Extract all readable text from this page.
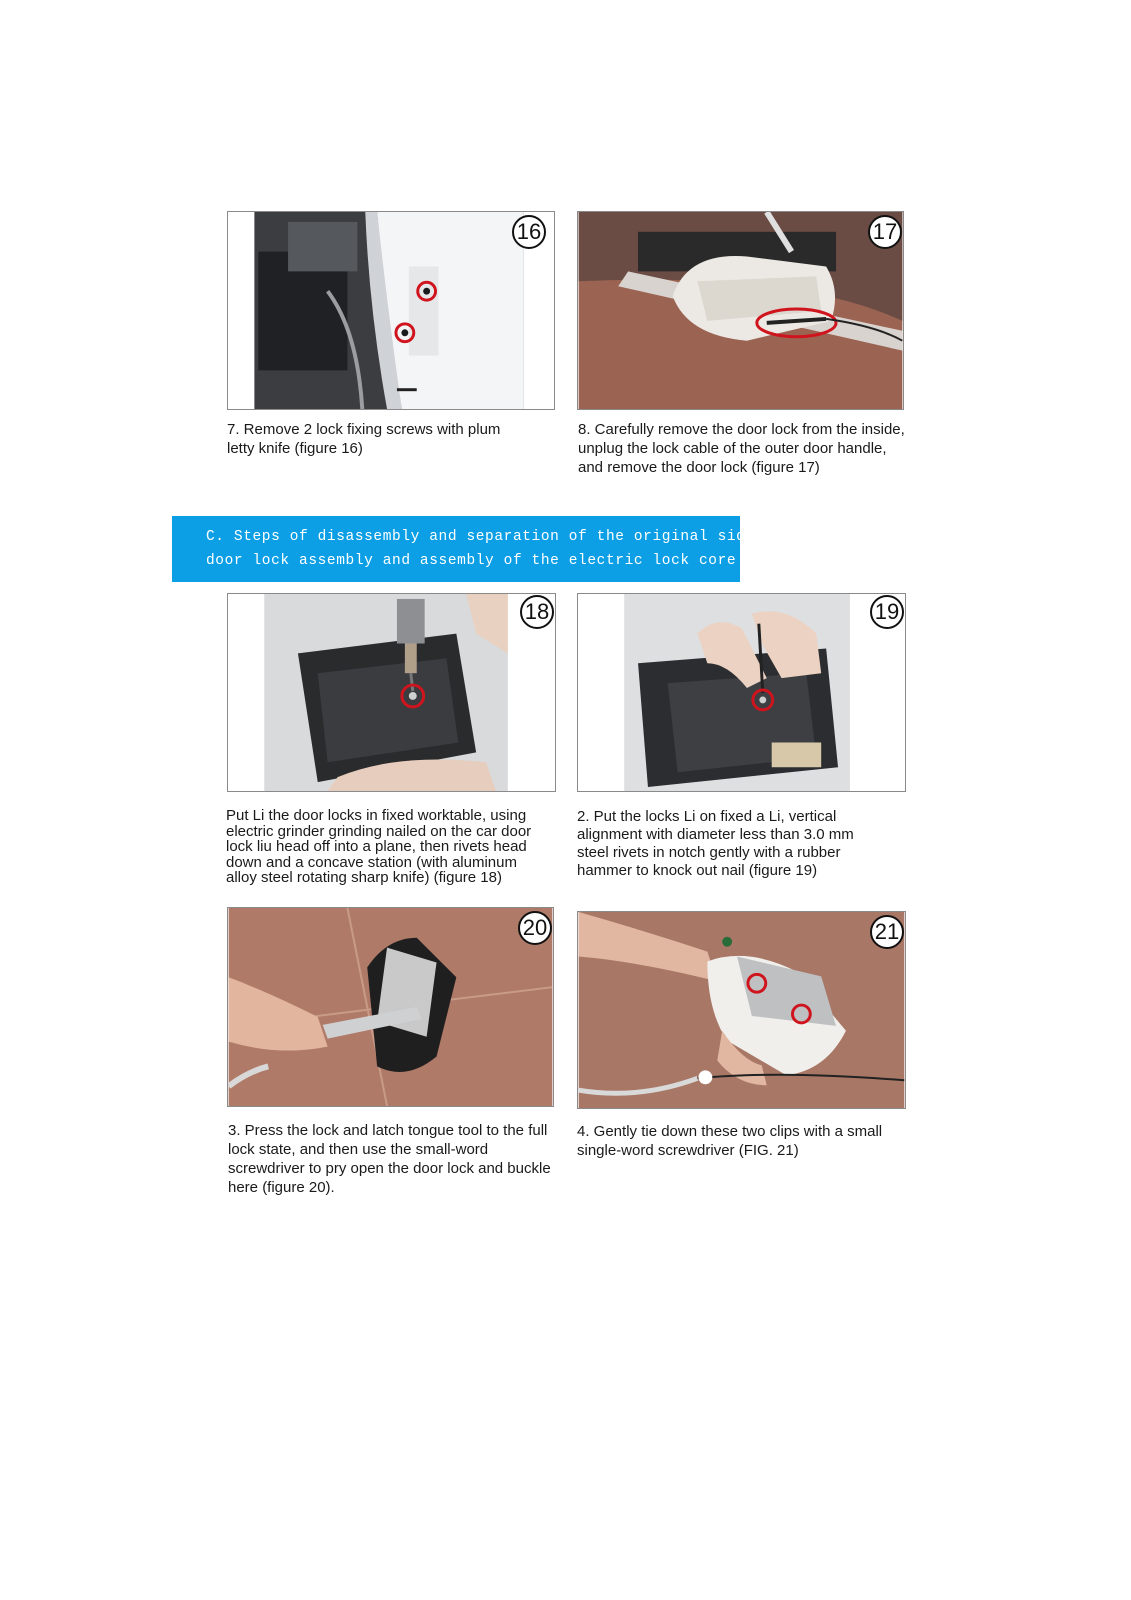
16
7. Remove 2 lock fixing screws with plum letty knife (figure 16)
17
8. Carefully remove the door lock from the inside, unplug the lock cable of the outer door handle, and remove the door lock (figure 17)
C. Steps of disassembly and separation of the original side
door lock assembly and assembly of the electric lock core
18
Put Li the door locks in fixed worktable, using electric grinder grinding nailed on the car door lock liu head off into a plane, then rivets head down and a concave station (with aluminum alloy steel rotating sharp knife) (figure 18)
19
2. Put the locks Li on fixed a Li, vertical alignment with diameter less than 3.0 mm steel rivets in notch gently with a rubber hammer to knock out nail (figure 19)
20
3. Press the lock and latch tongue tool to the full lock state, and then use the small-word screwdriver to pry open the door lock and buckle here (figure 20).
21
4. Gently tie down these two clips with a small single-word screwdriver (FIG. 21)
